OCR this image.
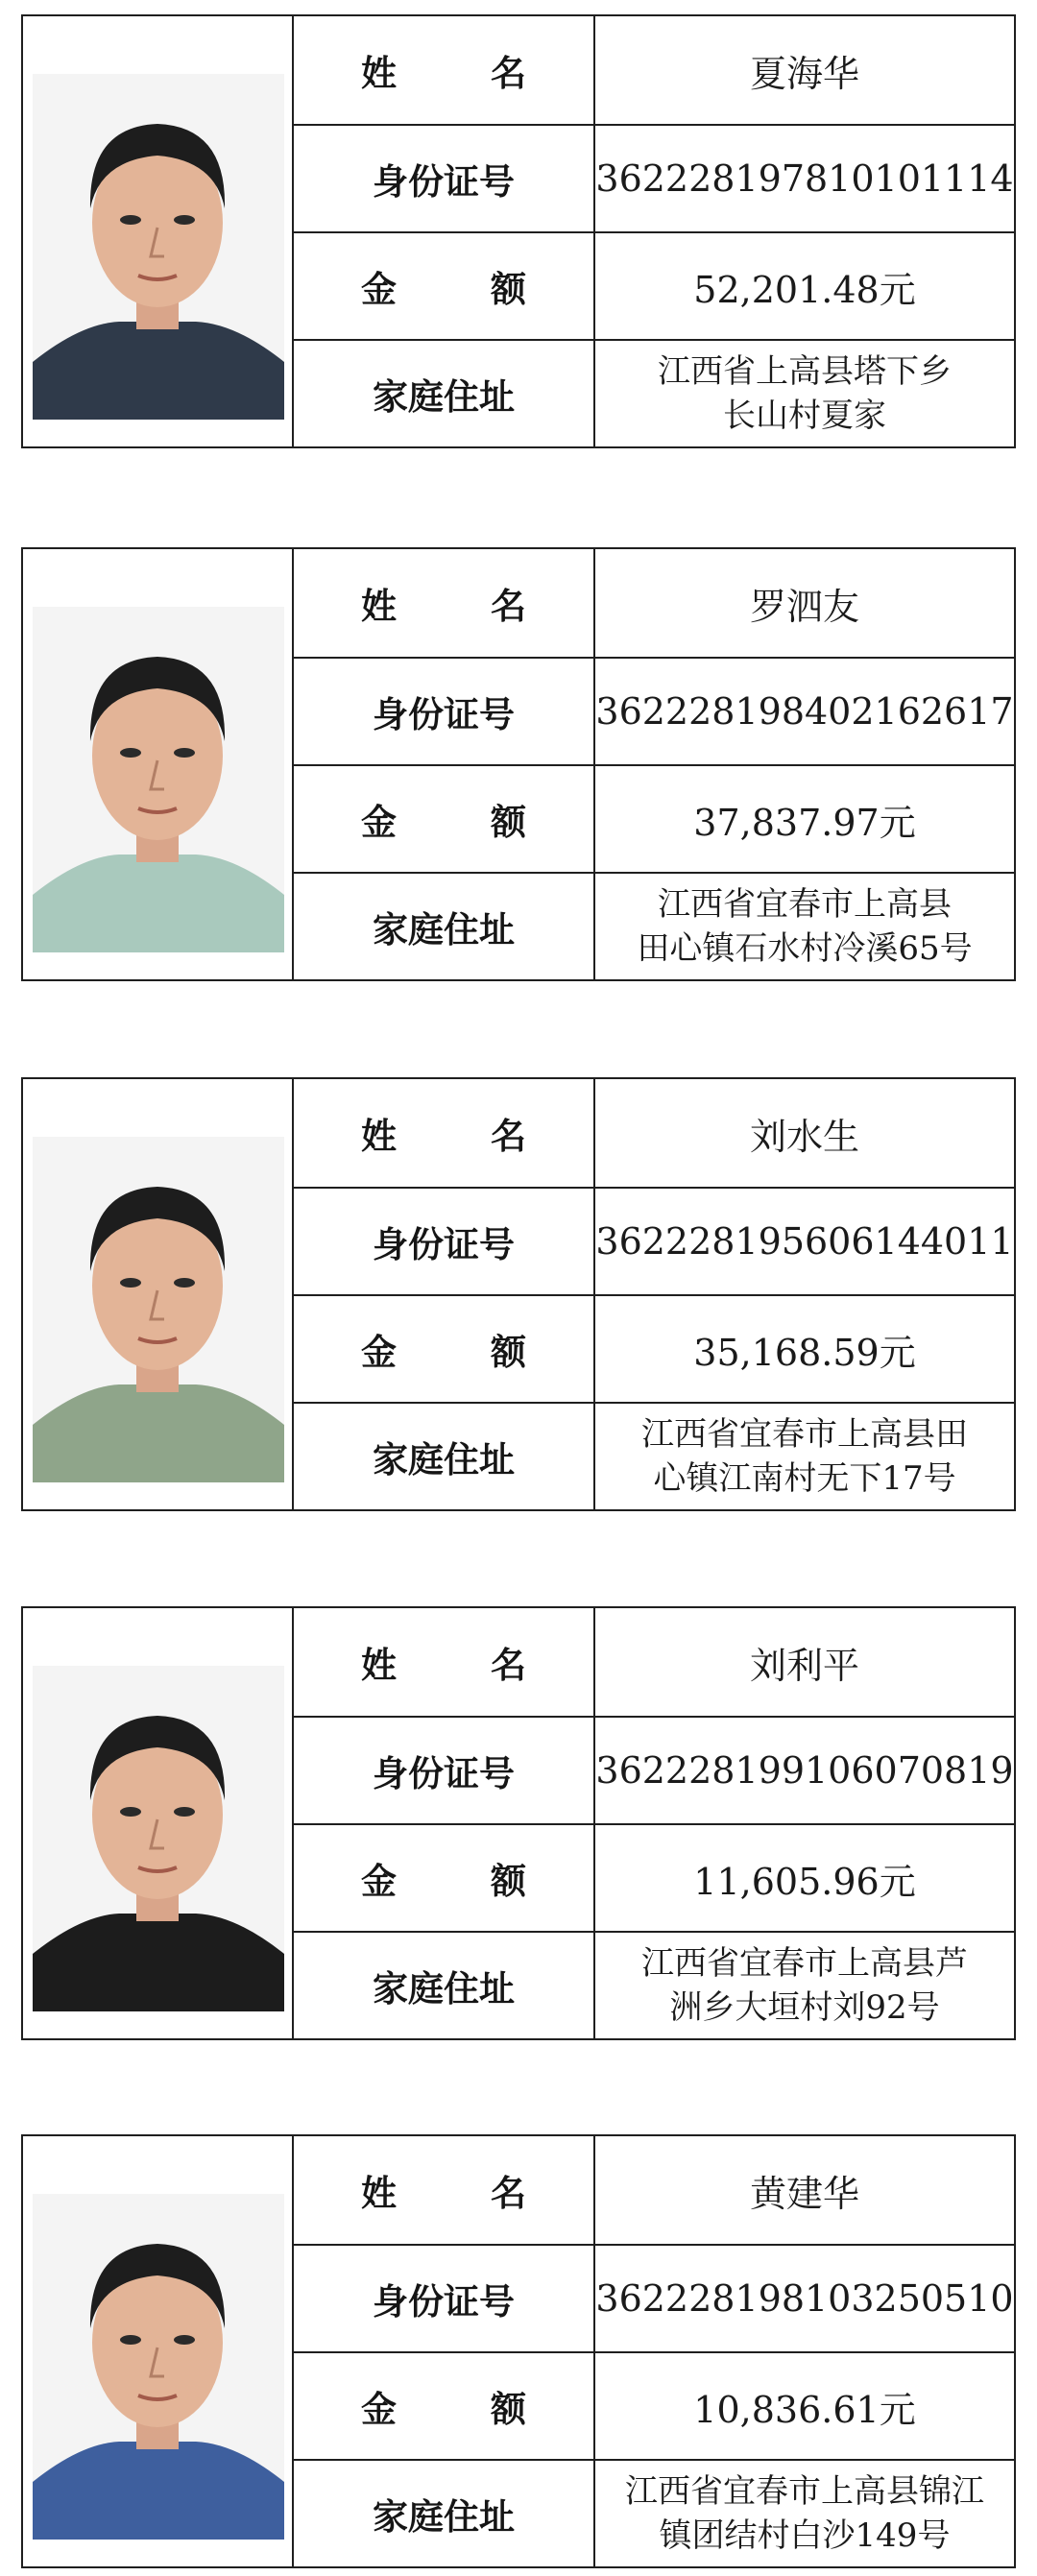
姓	名	夏海华
身份证号	362228197810101114
金	额	52,201.48元
家庭住址
江西省上高县塔下乡
长山村夏家
姓	名	罗泗友
身份证号	362228198402162617
金	额	37,837.97元
家庭住址
江西省宜春市上高县
田心镇石水村冷溪65号
姓	名	刘水生
身份证号	362228195606144011
金	额	35,168.59元
家庭住址
江西省宜春市上高县田
心镇江南村无下17号
姓	名	刘利平
身份证号	362228199106070819
金	额	11,605.96元
家庭住址
江西省宜春市上高县芦
洲乡大垣村刘92号
姓	名	黄建华
身份证号	362228198103250510
金	额	10,836.61元
家庭住址
江西省宜春市上高县锦江
镇团结村白沙149号
